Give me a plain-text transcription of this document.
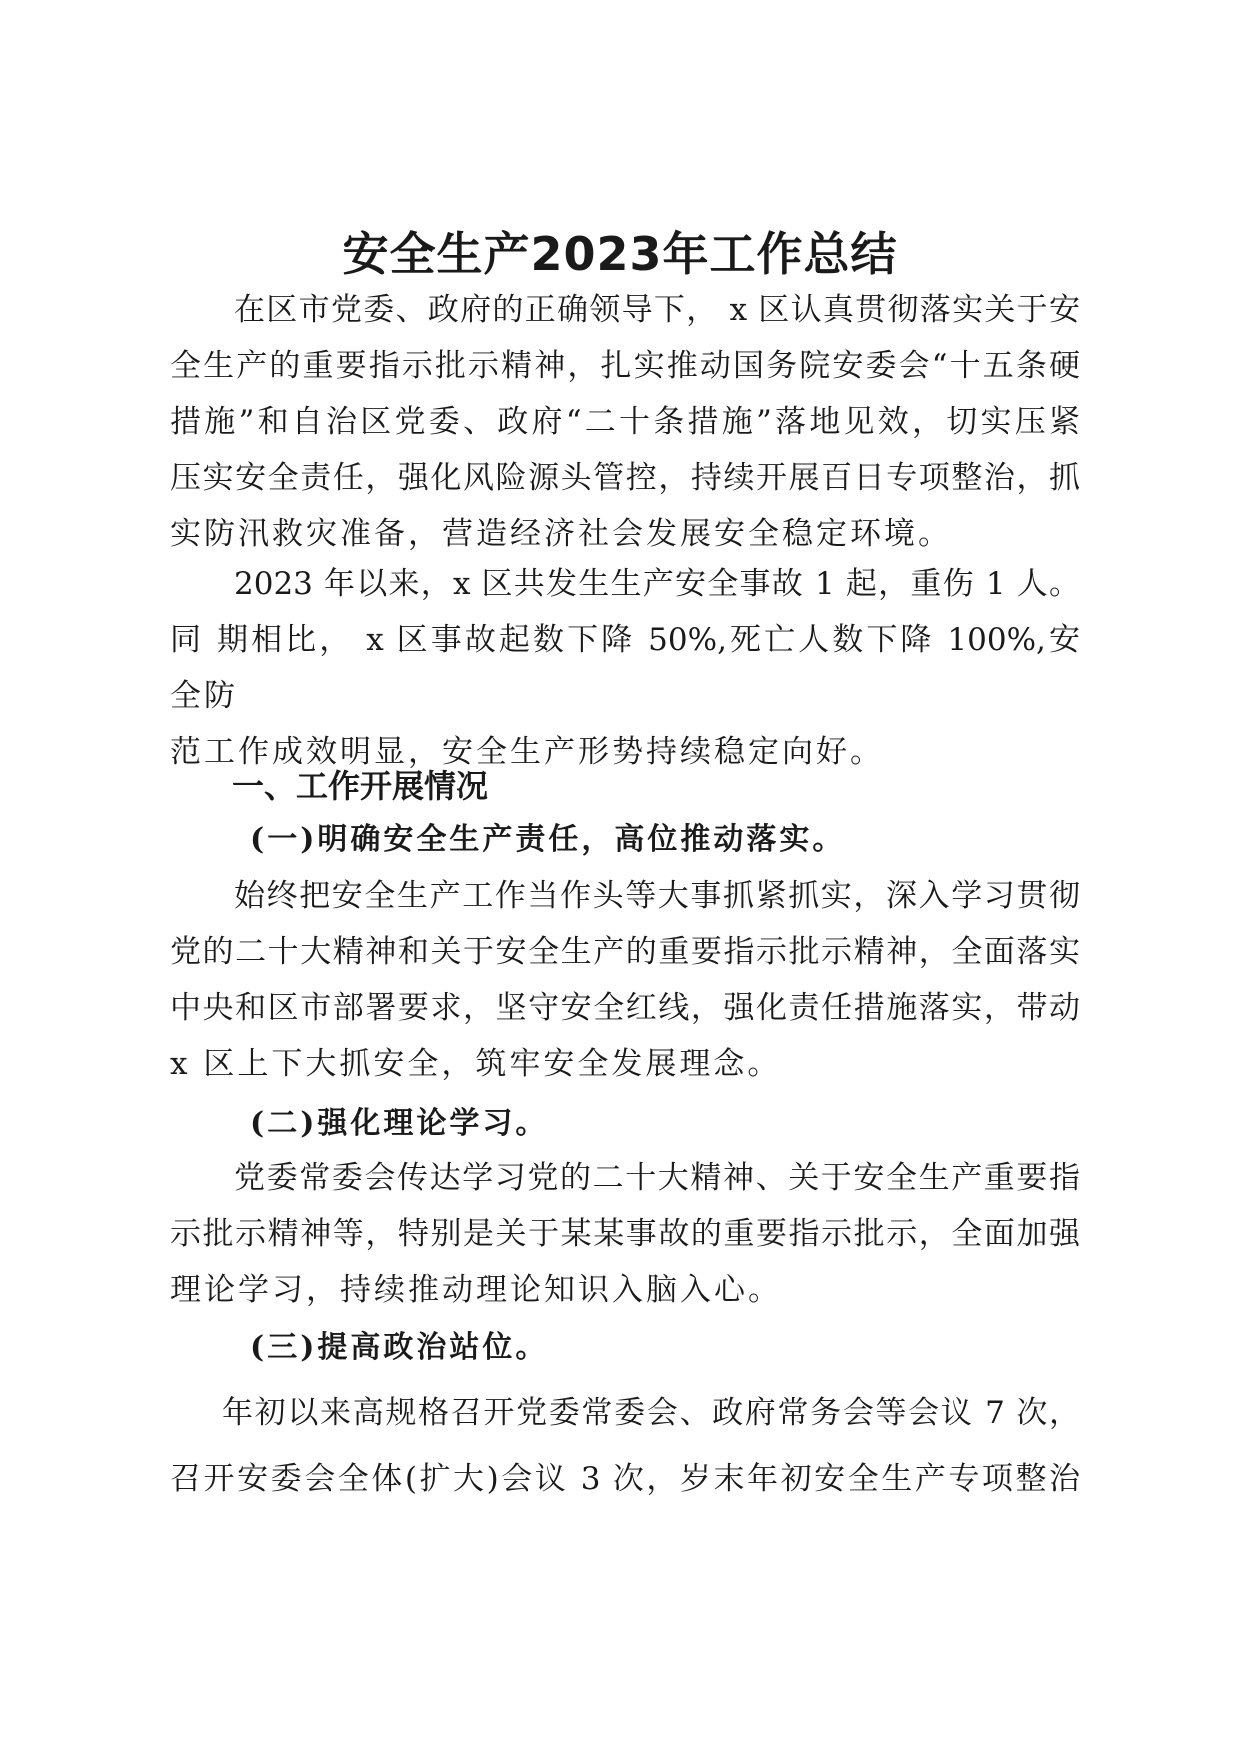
安全生产2023年工作总结
在区市党委、政府的正确领导下， x 区认真贯彻落实关于安
全生产的重要指示批示精神，扎实推动国务院安委会“十五条硬
措施”和自治区党委、政府“二十条措施”落地见效，切实压紧
压实安全责任，强化风险源头管控，持续开展百日专项整治，抓
实防汛救灾准备，营造经济社会发展安全稳定环境。
2023 年以来，x 区共发生生产安全事故 1 起，重伤 1 人。
同 期相比， x 区事故起数下降 50%,死亡人数下降 100%,安
全防
范工作成效明显，安全生产形势持续稳定向好。
一、工作开展情况
(一)明确安全生产责任，高位推动落实。
始终把安全生产工作当作头等大事抓紧抓实，深入学习贯彻
党的二十大精神和关于安全生产的重要指示批示精神，全面落实
中央和区市部署要求，坚守安全红线，强化责任措施落实，带动
x 区上下大抓安全，筑牢安全发展理念。
(二)强化理论学习。
党委常委会传达学习党的二十大精神、关于安全生产重要指
示批示精神等，特别是关于某某事故的重要指示批示，全面加强
理论学习，持续推动理论知识入脑入心。
(三)提高政治站位。
年初以来高规格召开党委常委会、政府常务会等会议 7 次，
召开安委会全体(扩大)会议 3 次，岁末年初安全生产专项整治
